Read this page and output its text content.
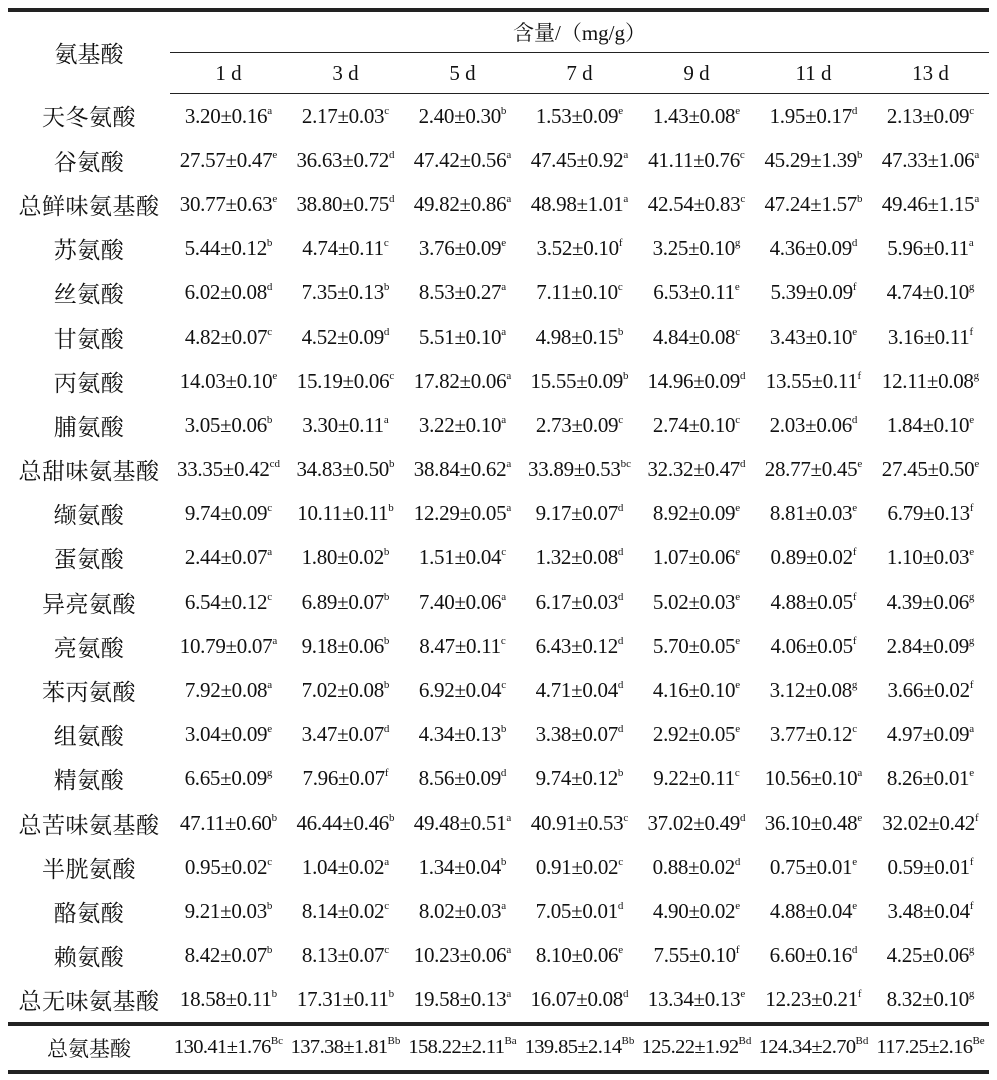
氨基酸	含量/（mg/g）						
	1 d	3 d	5 d	7 d	9 d	11 d	13 d
天冬氨酸	3.20±0.16$^a$	2.17±0.03$^c$	2.40±0.30$^b$	1.53±0.09$^e$	1.43±0.08$^e$	1.95±0.17$^d$	2.13±0.09$^c$
谷氨酸	27.57±0.47$^e$	36.63±0.72$^d$	47.42±0.56$^a$	47.45±0.92$^a$	41.11±0.76$^c$	45.29±1.39$^b$	47.33±1.06$^a$
总鲜味氨基酸	30.77±0.63$^e$	38.80±0.75$^d$	49.82±0.86$^a$	48.98±1.01$^a$	42.54±0.83$^c$	47.24±1.57$^b$	49.46±1.15$^a$
苏氨酸	5.44±0.12$^b$	4.74±0.11$^c$	3.76±0.09$^e$	3.52±0.10$^f$	3.25±0.10$^g$	4.36±0.09$^d$	5.96±0.11$^a$
丝氨酸	6.02±0.08$^d$	7.35±0.13$^b$	8.53±0.27$^a$	7.11±0.10$^c$	6.53±0.11$^e$	5.39±0.09$^f$	4.74±0.10$^g$
甘氨酸	4.82±0.07$^c$	4.52±0.09$^d$	5.51±0.10$^a$	4.98±0.15$^b$	4.84±0.08$^c$	3.43±0.10$^e$	3.16±0.11$^f$
丙氨酸	14.03±0.10$^e$	15.19±0.06$^c$	17.82±0.06$^a$	15.55±0.09$^b$	14.96±0.09$^d$	13.55±0.11$^f$	12.11±0.08$^g$
脯氨酸	3.05±0.06$^b$	3.30±0.11$^a$	3.22±0.10$^a$	2.73±0.09$^c$	2.74±0.10$^c$	2.03±0.06$^d$	1.84±0.10$^e$
总甜味氨基酸	33.35±0.42$^{cd}$	34.83±0.50$^b$	38.84±0.62$^a$	33.89±0.53$^{bc}$	32.32±0.47$^d$	28.77±0.45$^e$	27.45±0.50$^e$
缬氨酸	9.74±0.09$^c$	10.11±0.11$^b$	12.29±0.05$^a$	9.17±0.07$^d$	8.92±0.09$^e$	8.81±0.03$^e$	6.79±0.13$^f$
蛋氨酸	2.44±0.07$^a$	1.80±0.02$^b$	1.51±0.04$^c$	1.32±0.08$^d$	1.07±0.06$^e$	0.89±0.02$^f$	1.10±0.03$^e$
异亮氨酸	6.54±0.12$^c$	6.89±0.07$^b$	7.40±0.06$^a$	6.17±0.03$^d$	5.02±0.03$^e$	4.88±0.05$^f$	4.39±0.06$^g$
亮氨酸	10.79±0.07$^a$	9.18±0.06$^b$	8.47±0.11$^c$	6.43±0.12$^d$	5.70±0.05$^e$	4.06±0.05$^f$	2.84±0.09$^g$
苯丙氨酸	7.92±0.08$^a$	7.02±0.08$^b$	6.92±0.04$^c$	4.71±0.04$^d$	4.16±0.10$^e$	3.12±0.08$^g$	3.66±0.02$^f$
组氨酸	3.04±0.09$^e$	3.47±0.07$^d$	4.34±0.13$^b$	3.38±0.07$^d$	2.92±0.05$^e$	3.77±0.12$^c$	4.97±0.09$^a$
精氨酸	6.65±0.09$^g$	7.96±0.07$^f$	8.56±0.09$^d$	9.74±0.12$^b$	9.22±0.11$^c$	10.56±0.10$^a$	8.26±0.01$^e$
总苦味氨基酸	47.11±0.60$^b$	46.44±0.46$^b$	49.48±0.51$^a$	40.91±0.53$^c$	37.02±0.49$^d$	36.10±0.48$^e$	32.02±0.42$^f$
半胱氨酸	0.95±0.02$^c$	1.04±0.02$^a$	1.34±0.04$^b$	0.91±0.02$^c$	0.88±0.02$^d$	0.75±0.01$^e$	0.59±0.01$^f$
酪氨酸	9.21±0.03$^b$	8.14±0.02$^c$	8.02±0.03$^a$	7.05±0.01$^d$	4.90±0.02$^e$	4.88±0.04$^e$	3.48±0.04$^f$
赖氨酸	8.42±0.07$^b$	8.13±0.07$^c$	10.23±0.06$^a$	8.10±0.06$^e$	7.55±0.10$^f$	6.60±0.16$^d$	4.25±0.06$^g$
总无味氨基酸	18.58±0.11$^b$	17.31±0.11$^b$	19.58±0.13$^a$	16.07±0.08$^d$	13.34±0.13$^e$	12.23±0.21$^f$	8.32±0.10$^g$
总氨基酸	$130.41\pm 1.76^{Bc}$	$137.38\pm 1.81^{Bb}$	$158.22\pm 2.11^{Ba}$	$139.85\pm 2.14^{Bb}$	$125.22\pm 1.92^{Bd}$	$124.34\pm 2.70^{Bd}$	$117.25\pm 2.16^{Be}$
